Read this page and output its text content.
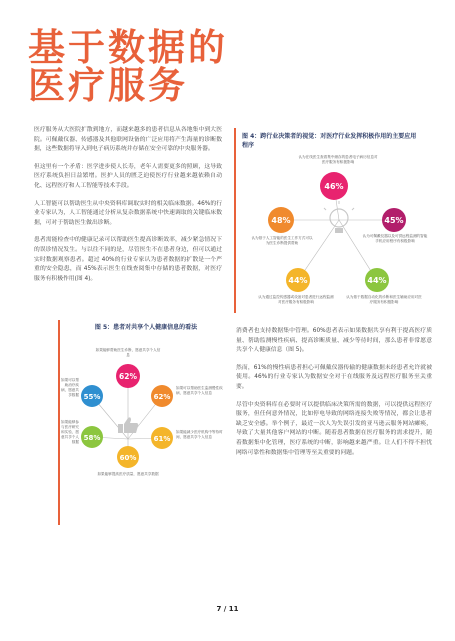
基于数据的
医疗服务

医疗服务从大医院扩散到地方，而越来越多的患者信息从各地集中到大医院。可佩戴仪器、传感器及其他联网设备的广泛应用将产生海量的诊断数据，这些数据将导入到电子病历系统并存储在安全可靠的中央服务器。

但这里有一个矛盾：医学进步使人长寿，老年人需要更多的照顾，这导致医疗系统负担日益繁增。医护人员的匮乏迫使医疗行业越来越依赖自动化、远程医疗和人工智能等技术手段。

人工智能可以帮助医生从中央资料库调取实时的相关临床数据。46%的行业专家认为，人工智能通过分析从复杂数据系统中快速调取的关键临床数据，可对于帮助医生做出诊断。

患者需能检查中的健康记录可以帮助医生提高诊断效率，减少紧急情况下的误诊情况发生。与以往不同的是，尽管医生不在患者身边，但可以通过实时数据观察患者。超过 40%的行业专家认为患者数据的扩散是一个严重的安全隐患，而 45%表示医生在线查阅集中存储的患者数据，对医疗服务有积极作用(图 4)。

图 4：跨行业决策者的视觉：对医疗行业发挥积极作用的主要应用程序
46%
48%	45%
44%	44%
认为在线医生查看集中储存的患者电子病历信息对医疗服务有积极影响
认为基于人工智能的医生工作方式可以为医生诊断提供帮助
认为可佩戴仪器以及可供远程监测的智能手机应用程序有积极影响
认为通过监控传感器或设备对患者进行远程监测对医疗服务有积极影响
认为基于数据自动化的诊断和医生辅助应用对医疗服务有积极影响
图 5：患者对共享个人健康信息的看法
62%
62%
61%
60%
58%
55%
如果能够帮助医生诊断，愿意共享个人信息
如果可以帮助医生监测慢性疾病，愿意共享个人信息
如果能减少医疗机构中等待时间，愿意共享个人信息
如果能够提高医疗质量，愿意共享数据
如果能够参与医疗研究和实验，愿意共享个人数据
如果可以帮助治疗疾病，愿意共享数据

消费者也支持数据集中管理。60%患者表示如果数据共享有利于提高医疗质量、帮助监测慢性疾病、提高诊断质量、减少等待时间，那么患者非常愿意共享个人健康信息（图 5)。

然而，61%的慢性病患者担心可佩戴仪器传输的健康数据未经患者允许就被使用。46%的行业专家认为数据安全对于在线服务及远程医疗服务至关重要。

尽管中央资料库在必要时可以提供临床决策所需的数据，可以提供远程医疗服务，但任何意外情况，比如停电导致的网络连接失败等情况，都会让患者缺乏安全感。举个例子，最近一次人为失误引发的亚马逊云服务网站瘫痪，导致了大量其他客户网站的中断。随着患者数据在医疗服务的需求提升，随着数据集中化管理，医疗系统的中断，影响越来越严重。让人们不得不担忧网络可靠性和数据集中管理等至关重要的问题。

7 / 11
